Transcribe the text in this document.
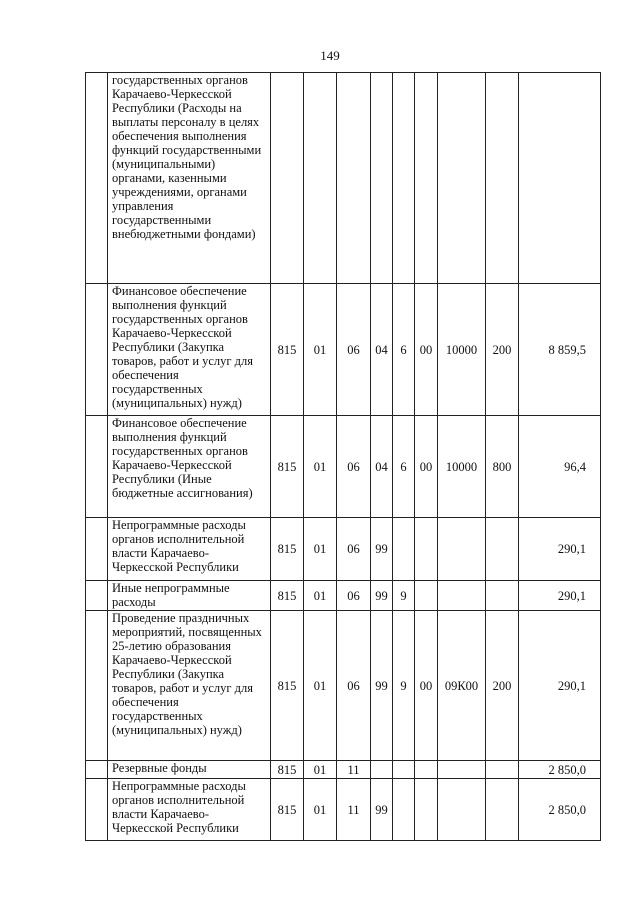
149
	государственных органов Карачаево-Черкесской Республики (Расходы на выплаты персоналу в целях обеспечения выполнения функций государственными (муниципальными) органами, казенными учреждениями, органами управления государственными внебюджетными фондами)									
	Финансовое обеспечение выполнения функций государственных органов Карачаево-Черкесской Республики (Закупка товаров, работ и услуг для обеспечения государственных (муниципальных) нужд)	815	01	06	04	6	00	10000	200	8 859,5
	Финансовое обеспечение выполнения функций государственных органов Карачаево-Черкесской Республики (Иные бюджетные ассигнования)	815	01	06	04	6	00	10000	800	96,4
	Непрограммные расходы органов исполнительной власти Карачаево-Черкесской Республики	815	01	06	99					290,1
	Иные непрограммные расходы	815	01	06	99	9				290,1
	Проведение праздничных мероприятий, посвященных 25-летию образования Карачаево-Черкесской Республики (Закупка товаров, работ и услуг для обеспечения государственных (муниципальных) нужд)	815	01	06	99	9	00	09К00	200	290,1
	Резервные фонды	815	01	11						2 850,0
	Непрограммные расходы органов исполнительной власти Карачаево-Черкесской Республики	815	01	11	99					2 850,0
